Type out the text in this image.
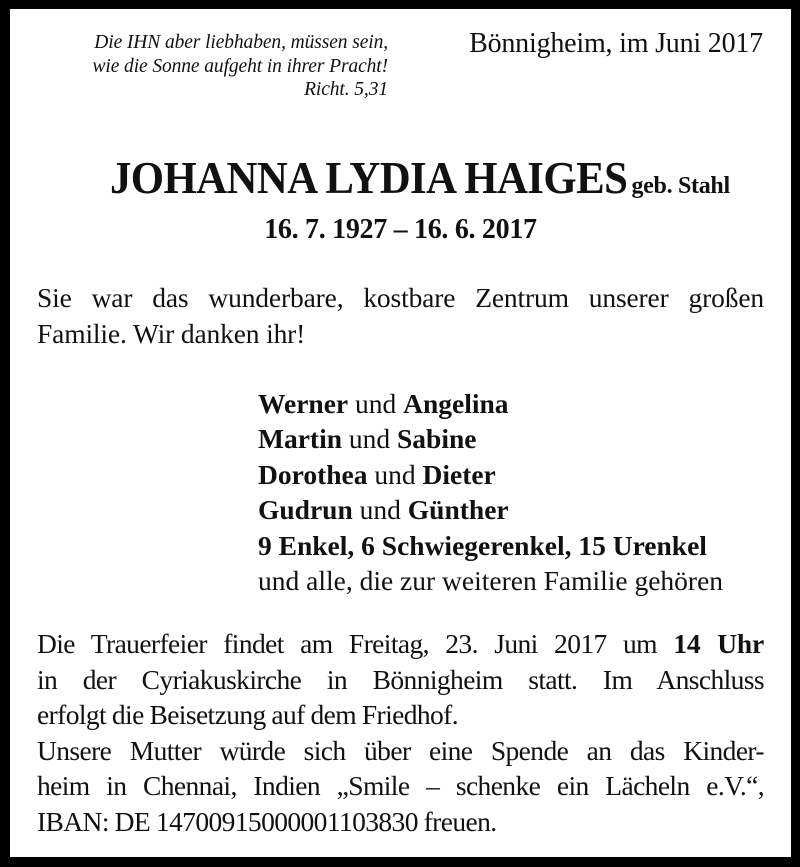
Die IHN aber liebhaben, müssen sein,
wie die Sonne aufgeht in ihrer Pracht!
Richt. 5,31
Bönnigheim, im Juni 2017
JOHANNA LYDIA HAIGES geb. Stahl
16. 7. 1927 – 16. 6. 2017
Sie war das wunderbare, kostbare Zentrum unserer großen
Familie. Wir danken ihr!
Werner und Angelina
Martin und Sabine
Dorothea und Dieter
Gudrun und Günther
9 Enkel, 6 Schwiegerenkel, 15 Urenkel
und alle, die zur weiteren Familie gehören
Die Trauerfeier findet am Freitag, 23. Juni 2017 um 14 Uhr
in der Cyriakuskirche in Bönnigheim statt. Im Anschluss
erfolgt die Beisetzung auf dem Friedhof.
Unsere Mutter würde sich über eine Spende an das Kinder-
heim in Chennai, Indien „Smile – schenke ein Lächeln e.V.“,
IBAN: DE 14700915000001103830 freuen.
